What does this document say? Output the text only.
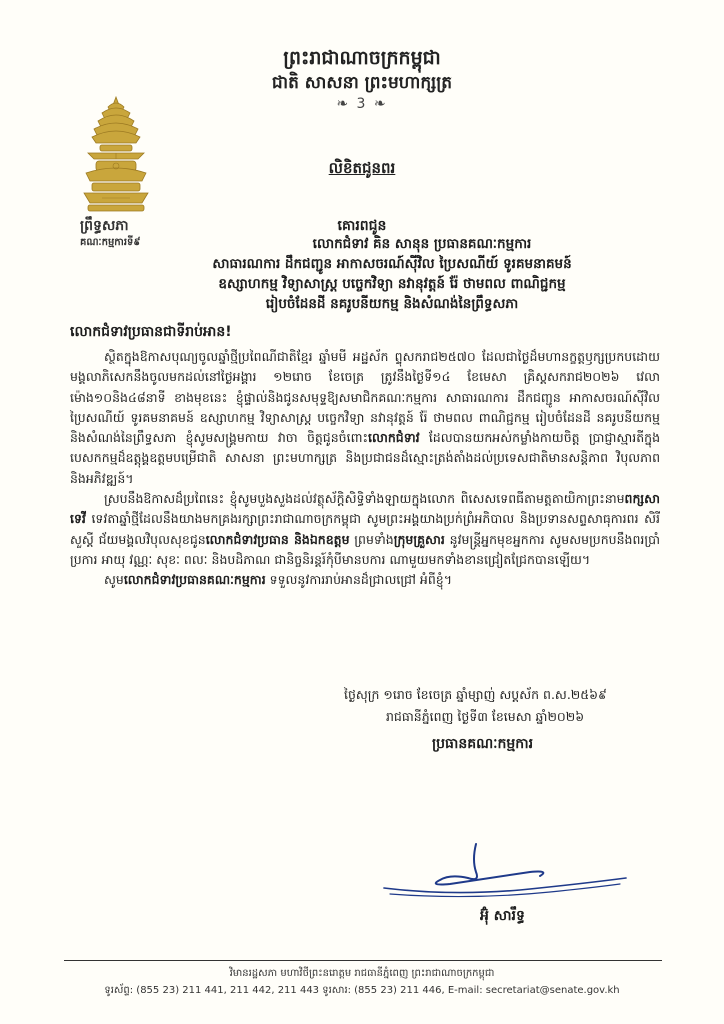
ព្រះរាជាណាចក្រកម្ពុជា
ជាតិ សាសនា ព្រះមហាក្សត្រ
❧ 3 ❧
លិខិតជូនពរ
ព្រឹទ្ធសភា
គណៈកម្មការទី៩
គោរពជូន
លោកជំទាវ គិន សានុន ប្រធានគណៈកម្មការ
សាធារណការ ដឹកជញ្ជូន អាកាសចរណ៍ស៊ីវិល ប្រៃសណីយ៍ ទូរគមនាគមន៍
ឧស្សាហកម្ម វិទ្យាសាស្ត្រ បច្ចេកវិទ្យា នវានុវត្តន៍ រ៉ែ ថាមពល ពាណិជ្ជកម្ម
រៀបចំដែនដី នគរូបនីយកម្ម និងសំណង់នៃព្រឹទ្ធសភា
លោកជំទាវប្រធានជាទីរាប់អាន!

ស្ថិតក្នុងឱកាសបុណ្យចូលឆ្នាំថ្មីប្រពៃណីជាតិខ្មែរ ឆ្នាំមមី អដ្ឋស័ក ព្ទុសករាជ២៥៧០ ដែលជាថ្ងៃដ៏មហានក្ខត្តឫក្សប្រកបដោយមង្គលាភិសេកនឹងចូលមកដល់នៅថ្ងៃអង្គារ ១២រោច ខែចេត្រ ត្រូវនឹងថ្ងៃទី១៤ ខែមេសា គ្រិស្តសករាជ២០២៦ វេលាម៉ោង១០និង៤៨នាទី ខាងមុខនេះ ខ្ញុំផ្ទាល់និងជូនសមុទ្ទឱ្យសមាជិកគណៈកម្មការ សាធារណការ ដឹកជញ្ជូន អាកាសចរណ៍ស៊ីវិល ប្រៃសណីយ៍ ទូរគមនាគមន៍ ឧស្សាហកម្ម វិទ្យាសាស្ត្រ បច្ចេកវិទ្យា នវានុវត្តន៍ រ៉ែ ថាមពល ពាណិជ្ជកម្ម រៀបចំដែនដី នគរូបនីយកម្ម និងសំណង់នៃព្រឹទ្ធសភា ខ្ញុំសូមសង្គ្រមកាយ វាចា ចិត្តជូនចំពោះលោកជំទាវ ដែលបានយកអស់កម្លាំងកាយចិត្ត ប្រាជ្ញាស្មារតីក្នុងបេសកកម្មដ៏ឧត្តុង្គឧត្តមបម្រើជាតិ សាសនា ព្រះមហាក្សត្រ និងប្រជាជនដ៏ស្មោះត្រង់តាំងដល់ប្រទេសជាតិមានសន្តិភាព វិបុលភាព និងអភិវឌ្ឍន៍។

ស្របនឹងឱកាសដ៏ប្រពៃនេះ ខ្ញុំសូមបួងសួងដល់វត្ថុស័ក្តិសិទ្ធិទាំងឡាយក្នុងលោក ពិសេសទេពធីតាមត្តតាយិកាព្រះនាមពក្សសាទេវី ទេវតាឆ្នាំថ្មីដែលនឹងយាងមកគ្រងរក្សាព្រះរាជាណាចក្រកម្ពុជា សូមព្រះអង្គយាងប្រក់ព្រំអភិបាល និងប្រទានសព្ទសាធុការពរ សិរីសួស្តី ជ័យមង្គលវិបុលសុខជូនលោកជំទាវប្រធាន និងឯកឧត្តម ព្រមទាំងក្រុមគ្រួសារ នូវមន្ត្រីអ្នកមុខអ្នកការ សូមសមប្រកបនឹងពរប្រាំប្រការ អាយុ វណ្ណៈ សុខៈ ពលៈ និងបដិភាណ ជានិច្ចនិរន្តរ៍កុំបីមានបការ ណាមួយមកទាំងខានជ្រៀតជ្រែកបានឡើយ។

សូមលោកជំទាវប្រធានគណៈកម្មការ ទទួលនូវការរាប់អានដ៏ជ្រាលជ្រៅ អំពីខ្ញុំ។

ថ្ងៃសុក្រ ១រោច ខែចេត្រ ឆ្នាំម្សាញ់ សប្តស័ក ព.ស.២៥៦៩
រាជធានីភ្នំពេញ ថ្ងៃទី៣ ខែមេសា ឆ្នាំ២០២៦
ប្រធានគណៈកម្មការ
អ៊ុំ សារឹទ្ធ
វិមានរដ្ឋសភា មហាវិថីព្រះនរោត្តម រាជធានីភ្នំពេញ ព្រះរាជាណាចក្រកម្ពុជា
ទូរស័ព្ទ: (855 23) 211 441, 211 442, 211 443 ទូរសារ: (855 23) 211 446, E-mail: secretariat@senate.gov.kh
